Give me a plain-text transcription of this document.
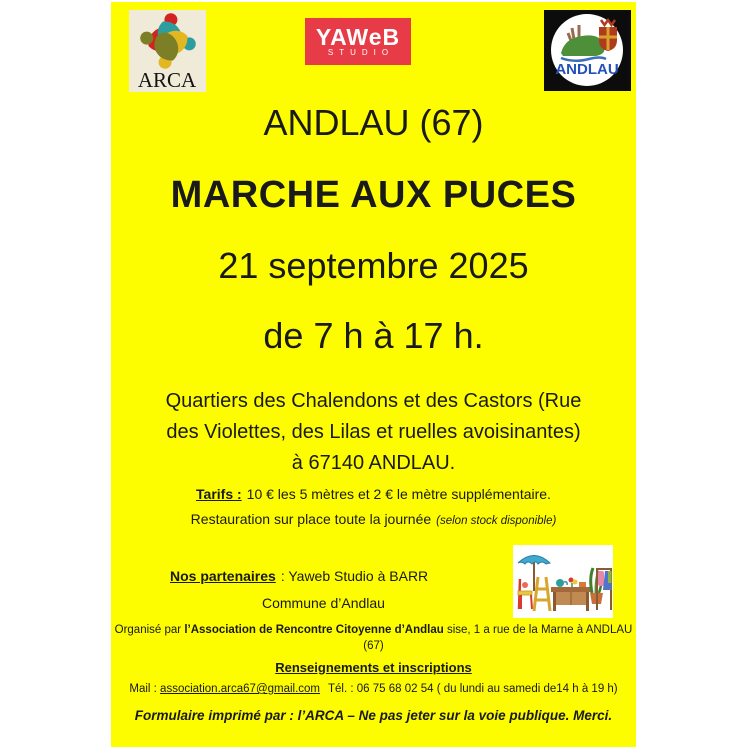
ARCA
YAWeB
STUDIO
ANDLAU
ANDLAU (67)
MARCHE AUX PUCES
21 septembre 2025
de 7 h à 17 h.
Quartiers des Chalendons et des Castors (Rue
des Violettes, des Lilas et ruelles avoisinantes)
à 67140 ANDLAU.
Tarifs : 10 € les 5 mètres et 2 € le mètre supplémentaire.
Restauration sur place toute la journée (selon stock disponible)
Nos partenaires : Yaweb Studio à BARR
Commune d’Andlau
Organisé par l’Association de Rencontre Citoyenne d’Andlau sise, 1 a rue de la Marne à ANDLAU
(67)
Renseignements et inscriptions
Mail : association.arca67@gmail.com Tél. : 06 75 68 02 54 ( du lundi au samedi de14 h à 19 h)
Formulaire imprimé par : l’ARCA – Ne pas jeter sur la voie publique. Merci.
